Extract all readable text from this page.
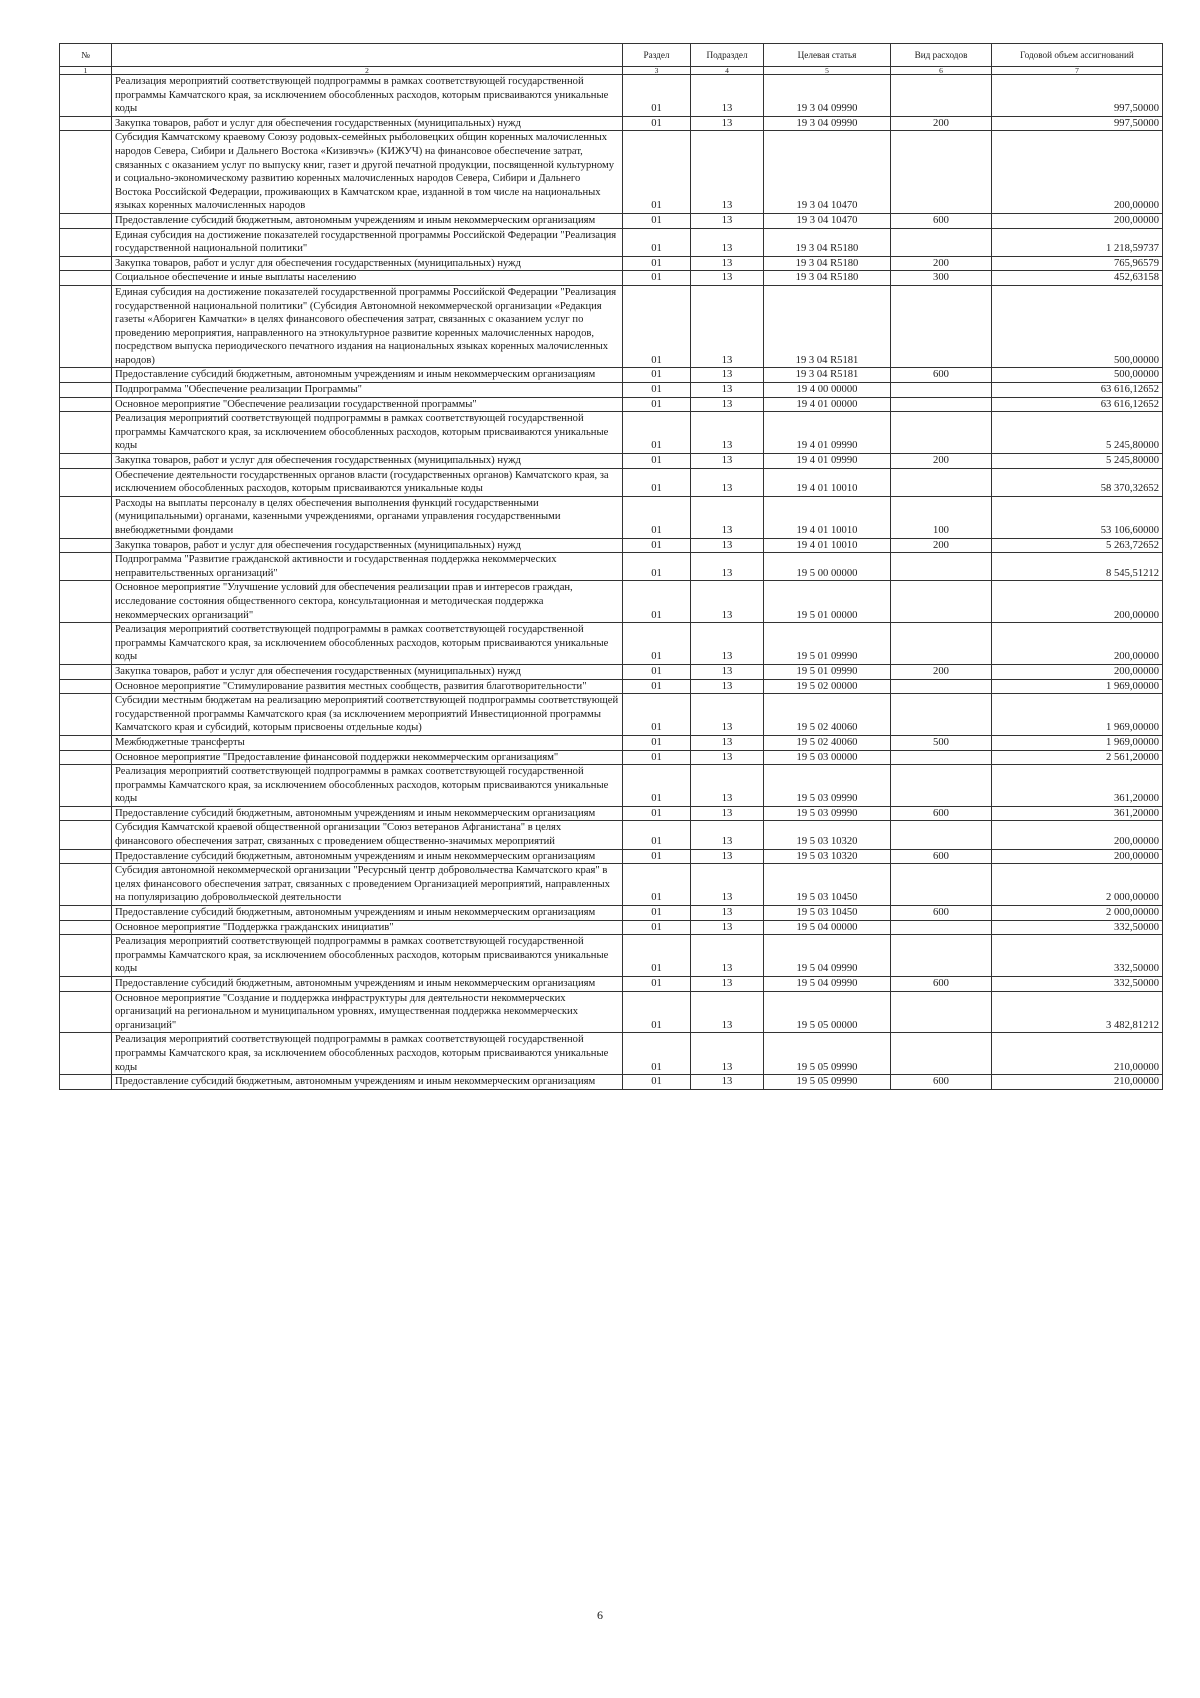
№		Раздел	Подраздел	Целевая статья	Вид расходов	Годовой объем ассигнований
1	2	3	4	5	6	7
	Реализация мероприятий соответствующей подпрограммы в рамках соответствующей государственной программы Камчатского края, за исключением обособленных расходов, которым присваиваются уникальные коды	01	13	19 3 04 09990		997,50000
	Закупка товаров, работ и услуг для обеспечения государственных (муниципальных) нужд	01	13	19 3 04 09990	200	997,50000
	Субсидия Камчатскому краевому Союзу родовых-семейных рыболовецких общин коренных малочисленных народов Севера, Сибири и Дальнего Востока «Кизивэчъ» (КИЖУЧ) на финансовое обеспечение затрат, связанных с оказанием услуг по выпуску книг, газет и другой печатной продукции, посвященной культурному и социально-экономическому развитию коренных малочисленных народов Севера, Сибири и Дальнего Востока Российской Федерации, проживающих в Камчатском крае, изданной в том числе на национальных языках коренных малочисленных народов	01	13	19 3 04 10470		200,00000
	Предоставление субсидий бюджетным, автономным учреждениям и иным некоммерческим организациям	01	13	19 3 04 10470	600	200,00000
	Единая субсидия на достижение показателей государственной программы Российской Федерации "Реализация государственной национальной политики"	01	13	19 3 04 R5180		1 218,59737
	Закупка товаров, работ и услуг для обеспечения государственных (муниципальных) нужд	01	13	19 3 04 R5180	200	765,96579
	Социальное обеспечение и иные выплаты населению	01	13	19 3 04 R5180	300	452,63158
	Единая субсидия на достижение показателей государственной программы Российской Федерации "Реализация государственной национальной политики" (Субсидия Автономной некоммерческой организации «Редакция газеты «Абориген Камчатки» в целях финансового обеспечения затрат, связанных с оказанием услуг по проведению мероприятия, направленного на этнокультурное развитие коренных малочисленных народов, посредством выпуска периодического печатного издания на национальных языках коренных малочисленных народов)	01	13	19 3 04 R5181		500,00000
	Предоставление субсидий бюджетным, автономным учреждениям и иным некоммерческим организациям	01	13	19 3 04 R5181	600	500,00000
	Подпрограмма "Обеспечение реализации Программы"	01	13	19 4 00 00000		63 616,12652
	Основное мероприятие "Обеспечение реализации государственной программы"	01	13	19 4 01 00000		63 616,12652
	Реализация мероприятий соответствующей подпрограммы в рамках соответствующей государственной программы Камчатского края, за исключением обособленных расходов, которым присваиваются уникальные коды	01	13	19 4 01 09990		5 245,80000
	Закупка товаров, работ и услуг для обеспечения государственных (муниципальных) нужд	01	13	19 4 01 09990	200	5 245,80000
	Обеспечение деятельности государственных органов власти (государственных органов) Камчатского края, за исключением обособленных расходов, которым присваиваются уникальные коды	01	13	19 4 01 10010		58 370,32652
	Расходы на выплаты персоналу в целях обеспечения выполнения функций государственными (муниципальными) органами, казенными учреждениями, органами управления государственными внебюджетными фондами	01	13	19 4 01 10010	100	53 106,60000
	Закупка товаров, работ и услуг для обеспечения государственных (муниципальных) нужд	01	13	19 4 01 10010	200	5 263,72652
	Подпрограмма "Развитие гражданской активности и государственная поддержка некоммерческих неправительственных организаций"	01	13	19 5 00 00000		8 545,51212
	Основное мероприятие "Улучшение условий для обеспечения реализации прав и интересов граждан, исследование состояния общественного сектора, консультационная и методическая поддержка некоммерческих организаций"	01	13	19 5 01 00000		200,00000
	Реализация мероприятий соответствующей подпрограммы в рамках соответствующей государственной программы Камчатского края, за исключением обособленных расходов, которым присваиваются уникальные коды	01	13	19 5 01 09990		200,00000
	Закупка товаров, работ и услуг для обеспечения государственных (муниципальных) нужд	01	13	19 5 01 09990	200	200,00000
	Основное мероприятие "Стимулирование развития местных сообществ, развития благотворительности"	01	13	19 5 02 00000		1 969,00000
	Субсидии местным бюджетам на реализацию мероприятий соответствующей подпрограммы соответствующей государственной программы Камчатского края (за исключением мероприятий Инвестиционной программы Камчатского края и субсидий, которым присвоены отдельные коды)	01	13	19 5 02 40060		1 969,00000
	Межбюджетные трансферты	01	13	19 5 02 40060	500	1 969,00000
	Основное мероприятие "Предоставление финансовой поддержки некоммерческим организациям"	01	13	19 5 03 00000		2 561,20000
	Реализация мероприятий соответствующей подпрограммы в рамках соответствующей государственной программы Камчатского края, за исключением обособленных расходов, которым присваиваются уникальные коды	01	13	19 5 03 09990		361,20000
	Предоставление субсидий бюджетным, автономным учреждениям и иным некоммерческим организациям	01	13	19 5 03 09990	600	361,20000
	Субсидия Камчатской краевой общественной организации "Союз ветеранов Афганистана" в целях финансового обеспечения затрат, связанных с проведением общественно-значимых мероприятий	01	13	19 5 03 10320		200,00000
	Предоставление субсидий бюджетным, автономным учреждениям и иным некоммерческим организациям	01	13	19 5 03 10320	600	200,00000
	Субсидия автономной некоммерческой организации "Ресурсный центр добровольчества Камчатского края" в целях финансового обеспечения затрат, связанных с проведением Организацией мероприятий, направленных на популяризацию добровольческой деятельности	01	13	19 5 03 10450		2 000,00000
	Предоставление субсидий бюджетным, автономным учреждениям и иным некоммерческим организациям	01	13	19 5 03 10450	600	2 000,00000
	Основное мероприятие "Поддержка гражданских инициатив"	01	13	19 5 04 00000		332,50000
	Реализация мероприятий соответствующей подпрограммы в рамках соответствующей государственной программы Камчатского края, за исключением обособленных расходов, которым присваиваются уникальные коды	01	13	19 5 04 09990		332,50000
	Предоставление субсидий бюджетным, автономным учреждениям и иным некоммерческим организациям	01	13	19 5 04 09990	600	332,50000
	Основное мероприятие "Создание и поддержка инфраструктуры для деятельности некоммерческих организаций на региональном и муниципальном уровнях, имущественная поддержка некоммерческих организаций"	01	13	19 5 05 00000		3 482,81212
	Реализация мероприятий соответствующей подпрограммы в рамках соответствующей государственной программы Камчатского края, за исключением обособленных расходов, которым присваиваются уникальные коды	01	13	19 5 05 09990		210,00000
	Предоставление субсидий бюджетным, автономным учреждениям и иным некоммерческим организациям	01	13	19 5 05 09990	600	210,00000
6
